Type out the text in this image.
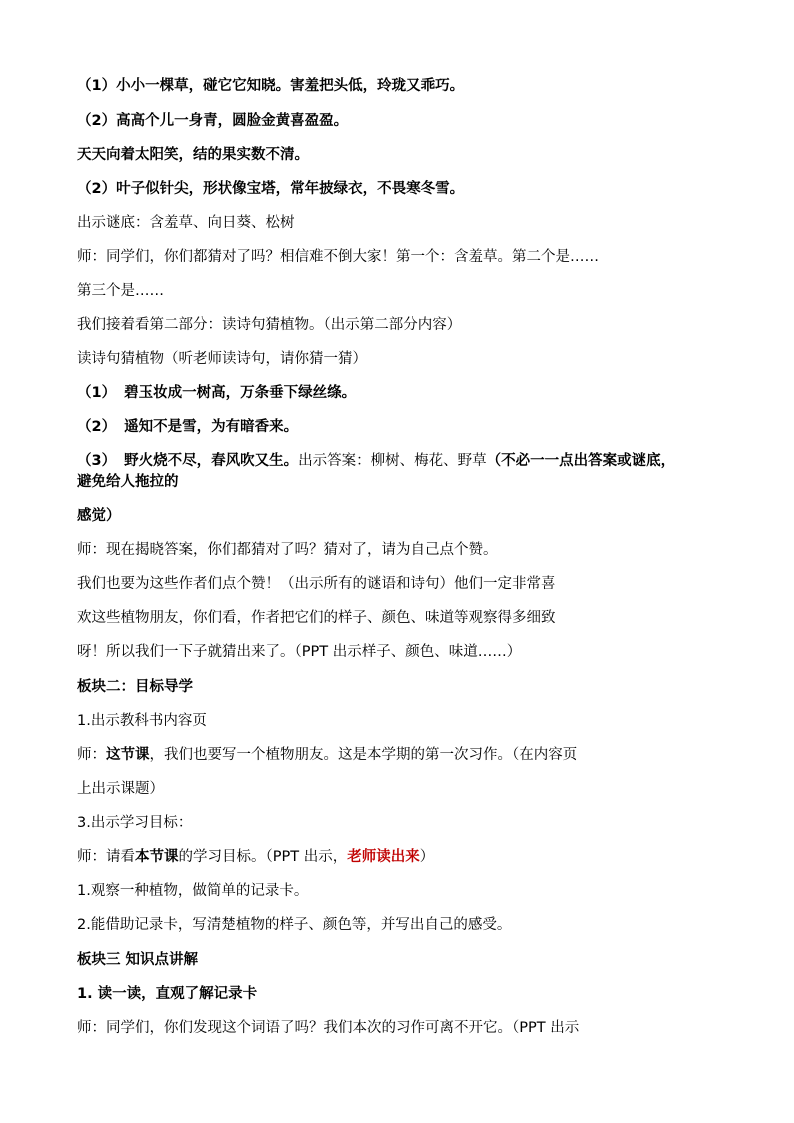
（1）小小一棵草，碰它它知晓。害羞把头低，玲珑又乖巧。
（2）高高个儿一身青，圆脸金黄喜盈盈。
天天向着太阳笑，结的果实数不清。
（2）叶子似针尖，形状像宝塔，常年披绿衣，不畏寒冬雪。
出示谜底：含羞草、向日葵、松树
师：同学们，你们都猜对了吗？相信难不倒大家！第一个：含羞草。第二个是……
第三个是……
我们接着看第二部分：读诗句猜植物。（出示第二部分内容）
读诗句猜植物（听老师读诗句，请你猜一猜）
（1） 碧玉妆成一树高，万条垂下绿丝绦。
（2） 遥知不是雪，为有暗香来。
（3） 野火烧不尽，春风吹又生。出示答案：柳树、梅花、野草（不必一一点出答案或谜底，
避免给人拖拉的
感觉）
师：现在揭晓答案，你们都猜对了吗？猜对了，请为自己点个赞。
我们也要为这些作者们点个赞！（出示所有的谜语和诗句）他们一定非常喜
欢这些植物朋友，你们看，作者把它们的样子、颜色、味道等观察得多细致
呀！所以我们一下子就猜出来了。（PPT 出示样子、颜色、味道……）
板块二：目标导学
1.出示教科书内容页
师：这节课，我们也要写一个植物朋友。这是本学期的第一次习作。（在内容页
上出示课题）
3.出示学习目标：
师：请看本节课的学习目标。（PPT 出示，老师读出来）
1.观察一种植物，做简单的记录卡。
2.能借助记录卡，写清楚植物的样子、颜色等，并写出自己的感受。
板块三 知识点讲解
1. 读一读，直观了解记录卡
师：同学们，你们发现这个词语了吗？我们本次的习作可离不开它。（PPT 出示
